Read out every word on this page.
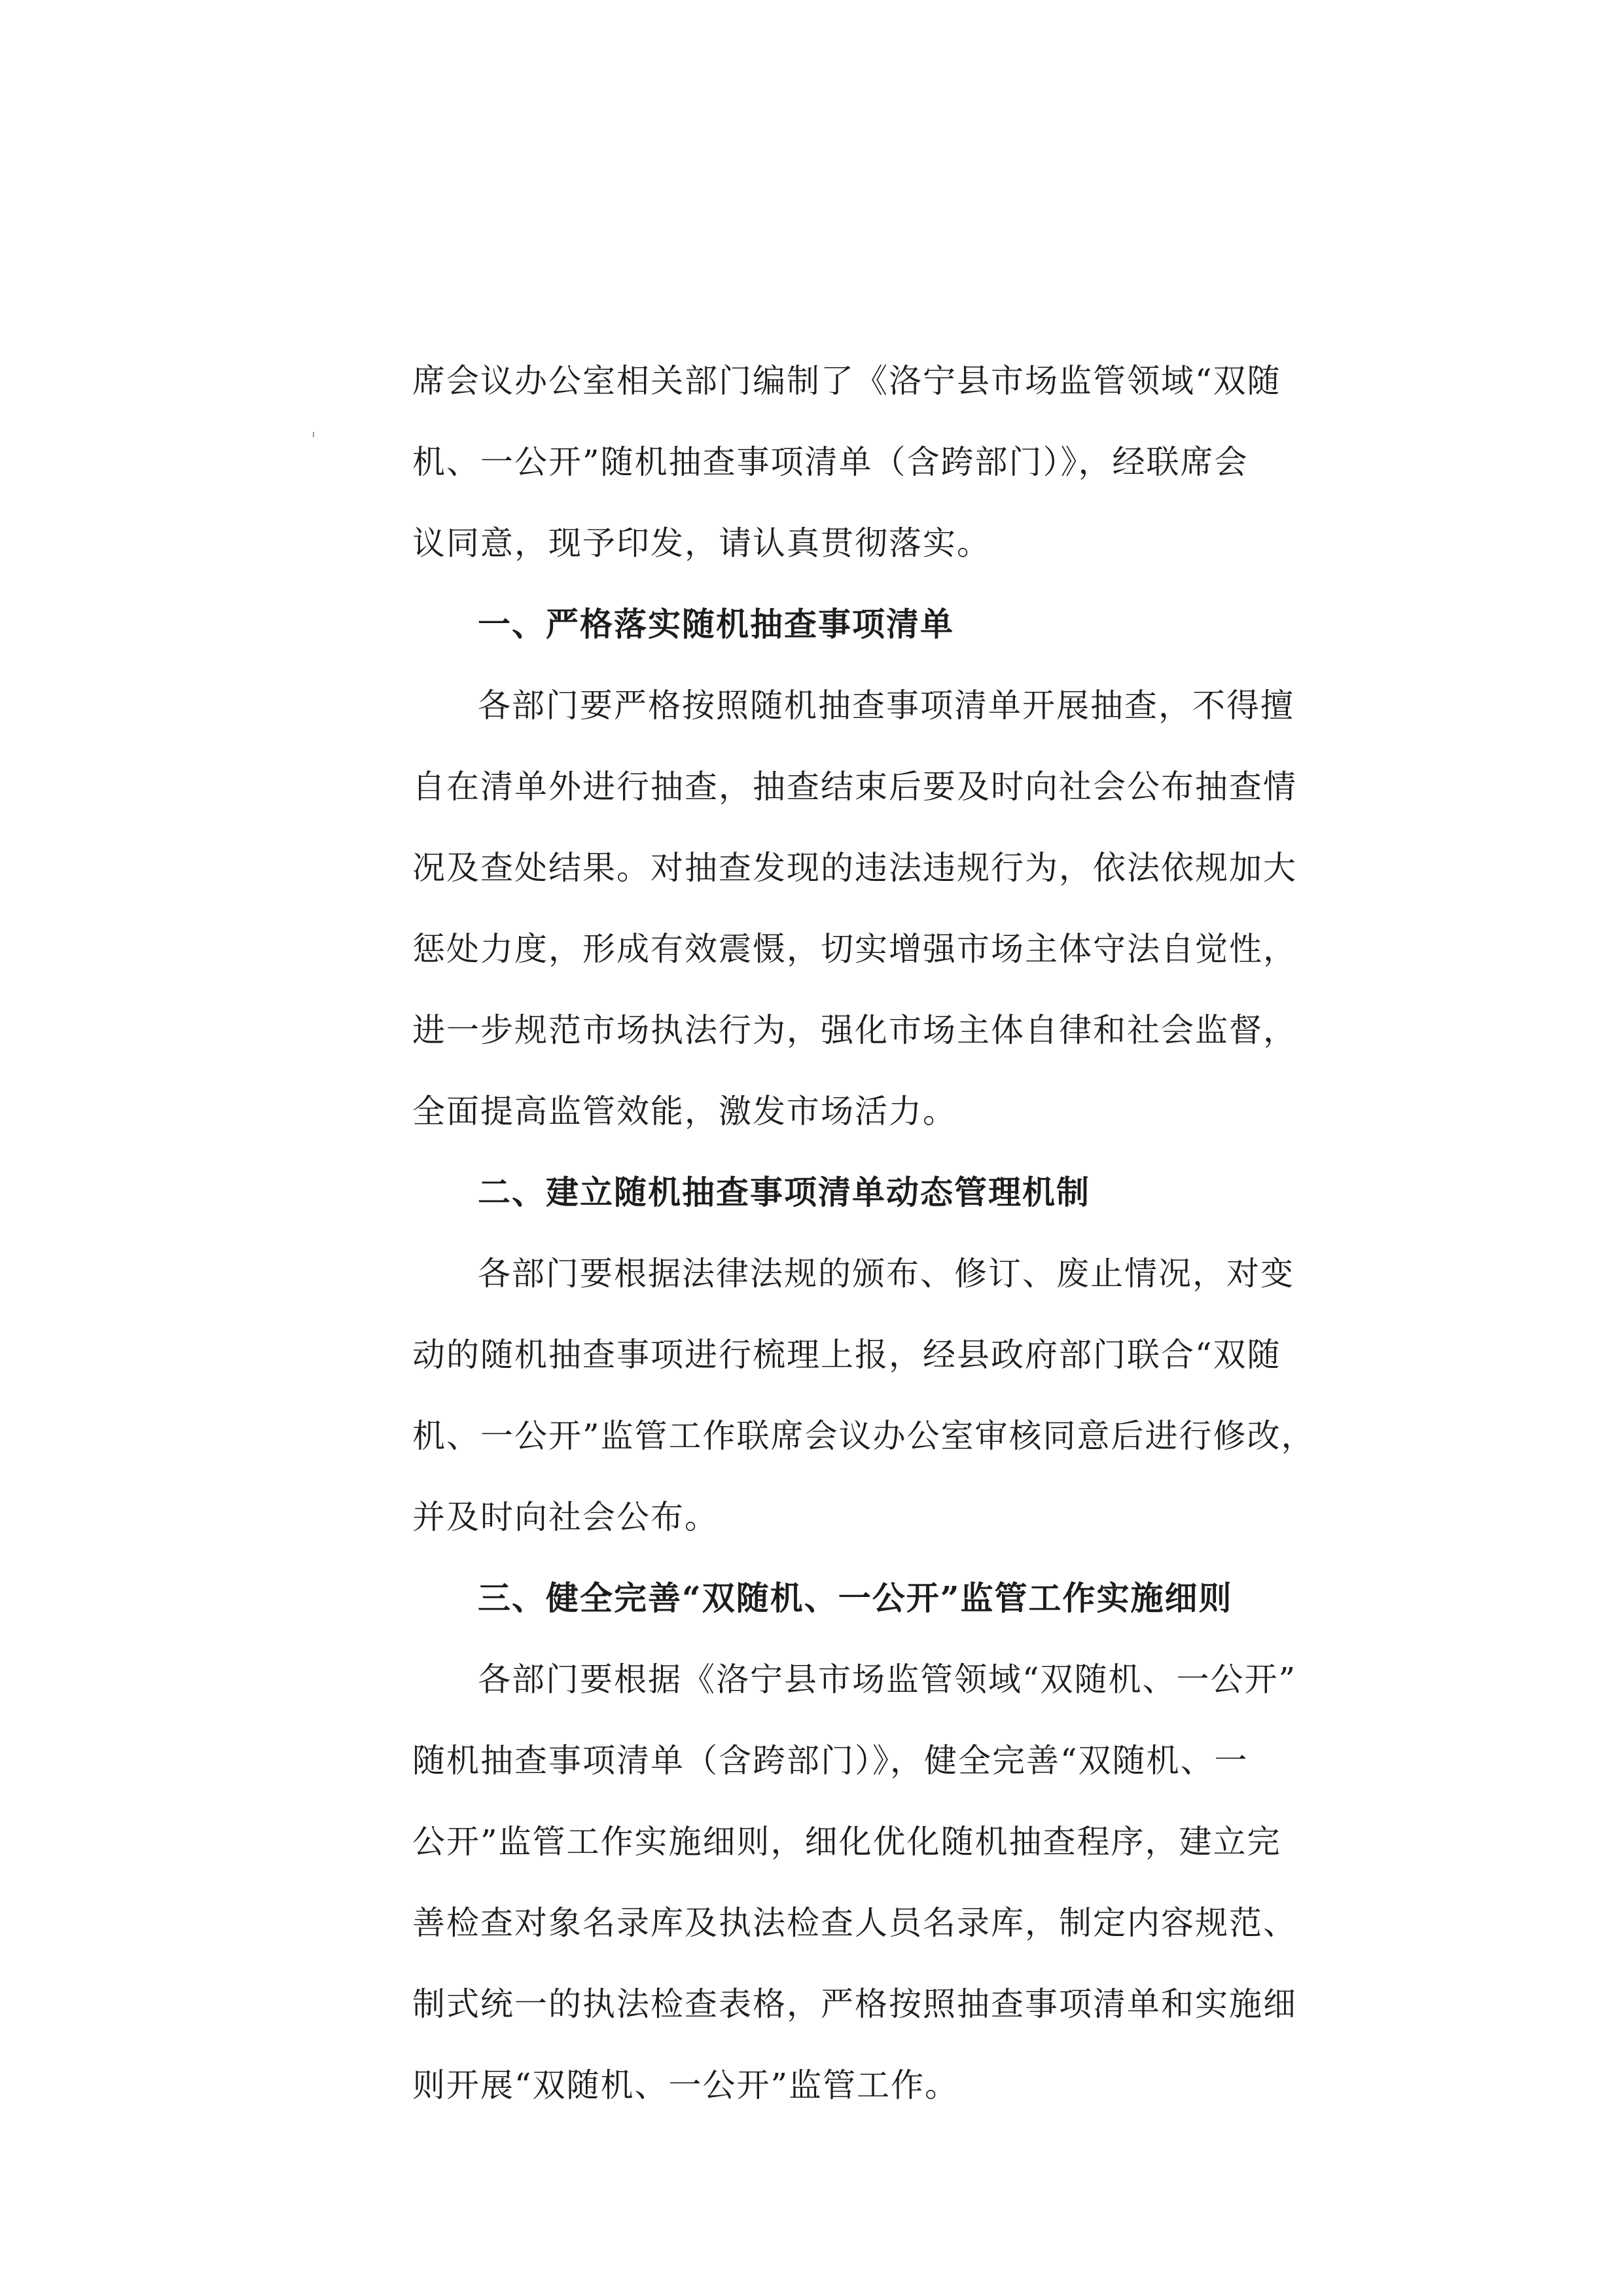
席会议办公室相关部门编制了《洛宁县市场监管领域“双随
机、一公开”随机抽查事项清单（含跨部门）》，经联席会
议同意，现予印发，请认真贯彻落实。
一、严格落实随机抽查事项清单
各部门要严格按照随机抽查事项清单开展抽查，不得擅
自在清单外进行抽查，抽查结束后要及时向社会公布抽查情
况及查处结果。对抽查发现的违法违规行为，依法依规加大
惩处力度，形成有效震慑，切实增强市场主体守法自觉性，
进一步规范市场执法行为，强化市场主体自律和社会监督，
全面提高监管效能，激发市场活力。
二、建立随机抽查事项清单动态管理机制
各部门要根据法律法规的颁布、修订、废止情况，对变
动的随机抽查事项进行梳理上报，经县政府部门联合“双随
机、一公开”监管工作联席会议办公室审核同意后进行修改，
并及时向社会公布。
三、健全完善“双随机、一公开”监管工作实施细则
各部门要根据《洛宁县市场监管领域“双随机、一公开”
随机抽查事项清单（含跨部门）》，健全完善“双随机、一
公开”监管工作实施细则，细化优化随机抽查程序，建立完
善检查对象名录库及执法检查人员名录库，制定内容规范、
制式统一的执法检查表格，严格按照抽查事项清单和实施细
则开展“双随机、一公开”监管工作。
